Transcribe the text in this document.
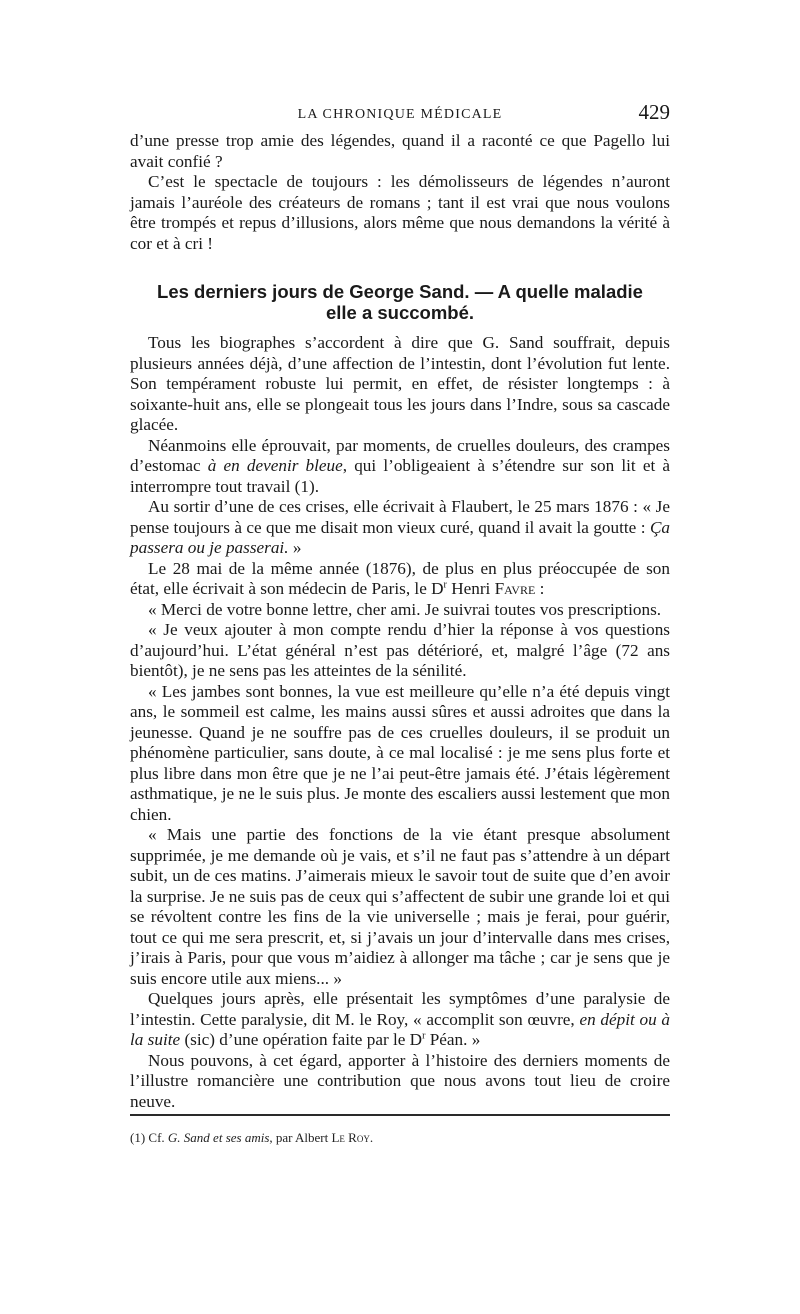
LA CHRONIQUE MÉDICALE	429

d’une presse trop amie des légendes, quand il a raconté ce que Pagello lui avait confié ?

C’est le spectacle de toujours : les démolisseurs de légendes n’auront jamais l’auréole des créateurs de romans ; tant il est vrai que nous voulons être trompés et repus d’illusions, alors même que nous demandons la vérité à cor et à cri !

Les derniers jours de George Sand. — A quelle maladie
elle a succombé.

Tous les biographes s’accordent à dire que G. Sand souffrait, depuis plusieurs années déjà, d’une affection de l’intestin, dont l’évolution fut lente. Son tempérament robuste lui permit, en effet, de résister longtemps : à soixante-huit ans, elle se plongeait tous les jours dans l’Indre, sous sa cascade glacée.

Néanmoins elle éprouvait, par moments, de cruelles douleurs, des crampes d’estomac à en devenir bleue, qui l’obligeaient à s’étendre sur son lit et à interrompre tout travail (1).

Au sortir d’une de ces crises, elle écrivait à Flaubert, le 25 mars 1876 : « Je pense toujours à ce que me disait mon vieux curé, quand il avait la goutte : Ça passera ou je passerai. »

Le 28 mai de la même année (1876), de plus en plus préoccupée de son état, elle écrivait à son médecin de Paris, le $D^r$ Henri Favre :

« Merci de votre bonne lettre, cher ami. Je suivrai toutes vos prescriptions.

« Je veux ajouter à mon compte rendu d’hier la réponse à vos questions d’aujourd’hui. L’état général n’est pas détérioré, et, malgré l’âge (72 ans bientôt), je ne sens pas les atteintes de la sénilité.

« Les jambes sont bonnes, la vue est meilleure qu’elle n’a été depuis vingt ans, le sommeil est calme, les mains aussi sûres et aussi adroites que dans la jeunesse. Quand je ne souffre pas de ces cruelles douleurs, il se produit un phénomène particulier, sans doute, à ce mal localisé : je me sens plus forte et plus libre dans mon être que je ne l’ai peut-être jamais été. J’étais légèrement asthmatique, je ne le suis plus. Je monte des escaliers aussi lestement que mon chien.

« Mais une partie des fonctions de la vie étant presque absolument supprimée, je me demande où je vais, et s’il ne faut pas s’attendre à un départ subit, un de ces matins. J’aimerais mieux le savoir tout de suite que d’en avoir la surprise. Je ne suis pas de ceux qui s’affectent de subir une grande loi et qui se révoltent contre les fins de la vie universelle ; mais je ferai, pour guérir, tout ce qui me sera prescrit, et, si j’avais un jour d’intervalle dans mes crises, j’irais à Paris, pour que vous m’aidiez à allonger ma tâche ; car je sens que je suis encore utile aux miens... »

Quelques jours après, elle présentait les symptômes d’une paralysie de l’intestin. Cette paralysie, dit M. le Roy, « accomplit son œuvre, en dépit ou à la suite (sic) d’une opération faite par le $D^r$ Péan. »

Nous pouvons, à cet égard, apporter à l’histoire des derniers moments de l’illustre romancière une contribution que nous avons tout lieu de croire neuve.

(1) Cf. G. Sand et ses amis, par Albert Le Roy.
